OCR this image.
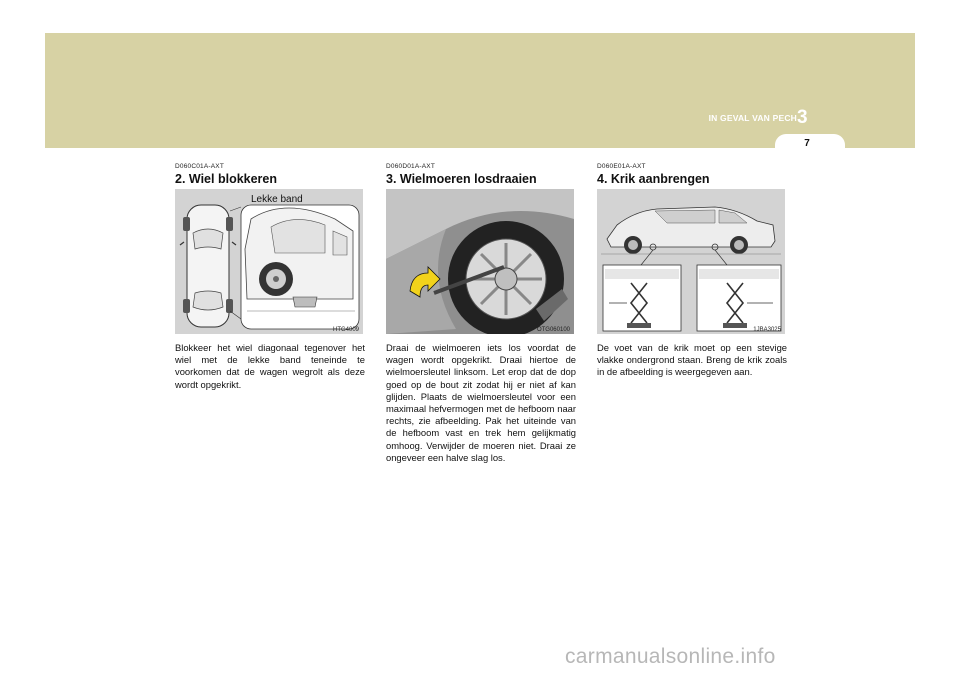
IN GEVAL VAN PECH 3
7
D060C01A-AXT
2. Wiel blokkeren
Lekke band
HTG4009
Blokkeer het wiel diagonaal tegenover het wiel met de lekke band teneinde te voorkomen dat de wagen wegrolt als deze wordt opgekrikt.
D060D01A-AXT
3. Wielmoeren losdraaien
OTG060100
Draai de wielmoeren iets los voordat de wagen wordt opgekrikt. Draai hiertoe de wielmoersleutel linksom. Let erop dat de dop goed op de bout zit zodat hij er niet af kan glijden. Plaats de wielmoersleutel voor een maximaal hefvermogen met de hefboom naar rechts, zie afbeelding. Pak het uiteinde van de hefboom vast en trek hem gelijkmatig omhoog. Verwijder de moeren niet. Draai ze ongeveer een halve slag los.
D060E01A-AXT
4. Krik aanbrengen
1JBA3025
De voet van de krik moet op een stevige vlakke ondergrond staan. Breng de krik zoals in de afbeelding is weergegeven aan.
carmanualsonline.info
